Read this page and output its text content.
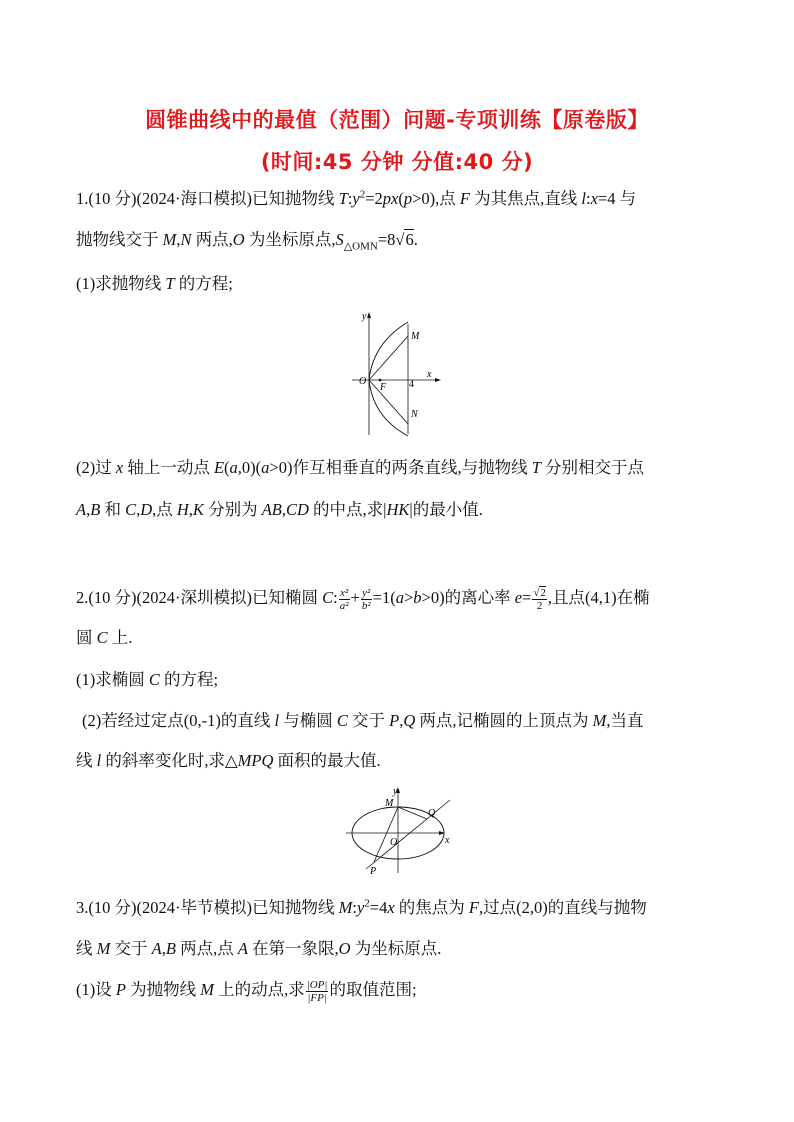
圆锥曲线中的最值（范围）问题-专项训练【原卷版】
(时间:45 分钟 分值:40 分)
1.(10 分)(2024·海口模拟)已知抛物线 $T:y^2=2px(p>0)$,点 F 为其焦点,直线 l:x=4 与
抛物线交于 M,N 两点,O 为坐标原点$,S_{\triangle OMN}=8√6$.
(1)求抛物线 T 的方程;
y
x
M
N
O
F 4
(2)过 x 轴上一动点 E(a,0)(a>0)作互相垂直的两条直线,与抛物线 T 分别相交于点
A,B 和 C,D,点 H,K 分别为 AB,CD 的中点,求|HK|的最小值.
2.(10 分)(2024·深圳模拟)已知椭圆 C: $\frac{\text{x²}}{\text{a²}} + \frac{\text{y²}}{\text{b²}} =1(a>b>0)$的离心率 $e= \frac{√2}{2}$ ,且点(4,1)在椭
圆 C 上.
(1)求椭圆 C 的方程;
(2)若经过定点(0,-1)的直线 l 与椭圆 C 交于 P,Q 两点,记椭圆的上顶点为 M,当直
线 l 的斜率变化时,求△MPQ 面积的最大值.
y
x
M
Q
O
P
3.(10 分)(2024·毕节模拟)已知抛物线 $M:y^2=4x$ 的焦点为 F,过点(2,0)的直线与抛物
线 M 交于 A,B 两点,点 A 在第一象限,O 为坐标原点.
(1)设 P 为抛物线 M 上的动点,求 $\frac{|OP|}{|FP|}$ 的取值范围;
